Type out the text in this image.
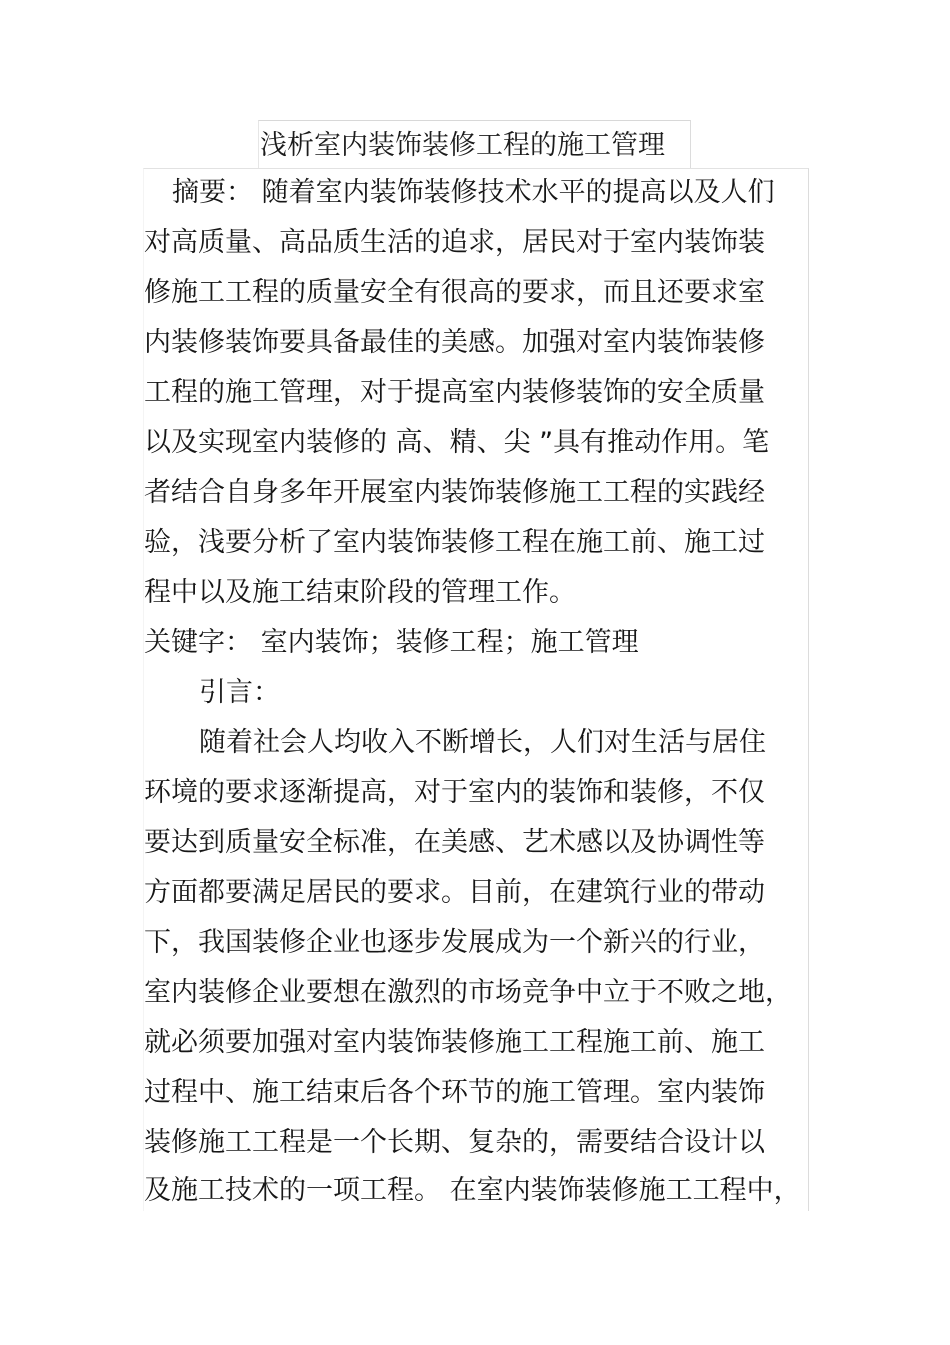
浅析室内装饰装修工程的施工管理
摘要： 随着室内装饰装修技术水平的提高以及人们
对高质量、高品质生活的追求，居民对于室内装饰装
修施工工程的质量安全有很高的要求，而且还要求室
内装修装饰要具备最佳的美感。加强对室内装饰装修
工程的施工管理，对于提高室内装修装饰的安全质量
以及实现室内装修的 高、精、尖 ”具有推动作用。笔
者结合自身多年开展室内装饰装修施工工程的实践经
验，浅要分析了室内装饰装修工程在施工前、施工过
程中以及施工结束阶段的管理工作。
关键字： 室内装饰；装修工程；施工管理
引言：
随着社会人均收入不断增长，人们对生活与居住
环境的要求逐渐提高，对于室内的装饰和装修，不仅
要达到质量安全标准，在美感、艺术感以及协调性等
方面都要满足居民的要求。目前，在建筑行业的带动
下，我国装修企业也逐步发展成为一个新兴的行业，
室内装修企业要想在激烈的市场竞争中立于不败之地，
就必须要加强对室内装饰装修施工工程施工前、施工
过程中、施工结束后各个环节的施工管理。室内装饰
装修施工工程是一个长期、复杂的，需要结合设计以
及施工技术的一项工程。 在室内装饰装修施工工程中，
